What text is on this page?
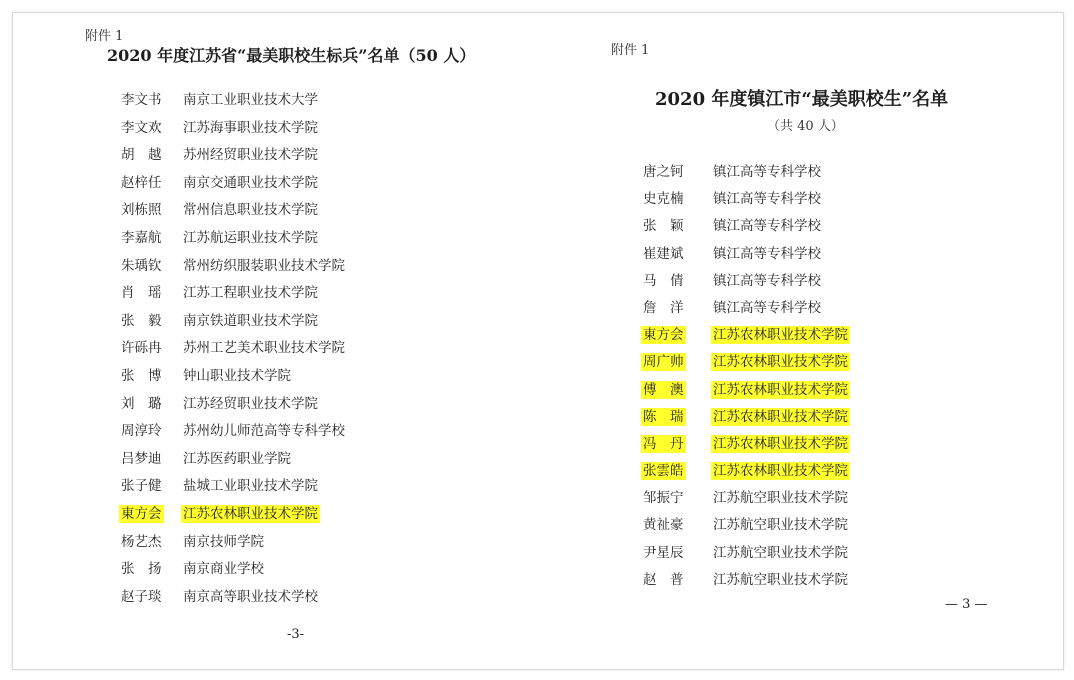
附件 1
2020 年度江苏省“最美职校生标兵”名单（50 人）
李文书 南京工业职业技术大学
李文欢 江苏海事职业技术学院
胡　越 苏州经贸职业技术学院
赵梓任 南京交通职业技术学院
刘栋照 常州信息职业技术学院
李嘉航 江苏航运职业技术学院
朱瑀钦 常州纺织服装职业技术学院
肖　瑶 江苏工程职业技术学院
张　毅 南京铁道职业技术学院
许砾冉 苏州工艺美术职业技术学院
张　博 钟山职业技术学院
刘　璐 江苏经贸职业技术学院
周淳玲 苏州幼儿师范高等专科学校
吕梦迪 江苏医药职业学院
张子健 盐城工业职业技术学院
東方会 江苏农林职业技术学院
杨艺杰 南京技师学院
张　扬 南京商业学校
赵子琰 南京高等职业技术学校
-3-
附件 1
2020 年度镇江市“最美职校生”名单
（共 40 人）
唐之钶 镇江高等专科学校
史克楠 镇江高等专科学校
张　颖 镇江高等专科学校
崔建斌 镇江高等专科学校
马　倩 镇江高等专科学校
詹　洋 镇江高等专科学校
東方会 江苏农林职业技术学院
周广帅 江苏农林职业技术学院
傅　澳 江苏农林职业技术学院
陈　瑞 江苏农林职业技术学院
冯　丹 江苏农林职业技术学院
张雲皓 江苏农林职业技术学院
邹振宁 江苏航空职业技术学院
黄祉豪 江苏航空职业技术学院
尹星辰 江苏航空职业技术学院
赵　普 江苏航空职业技术学院
— 3 —
